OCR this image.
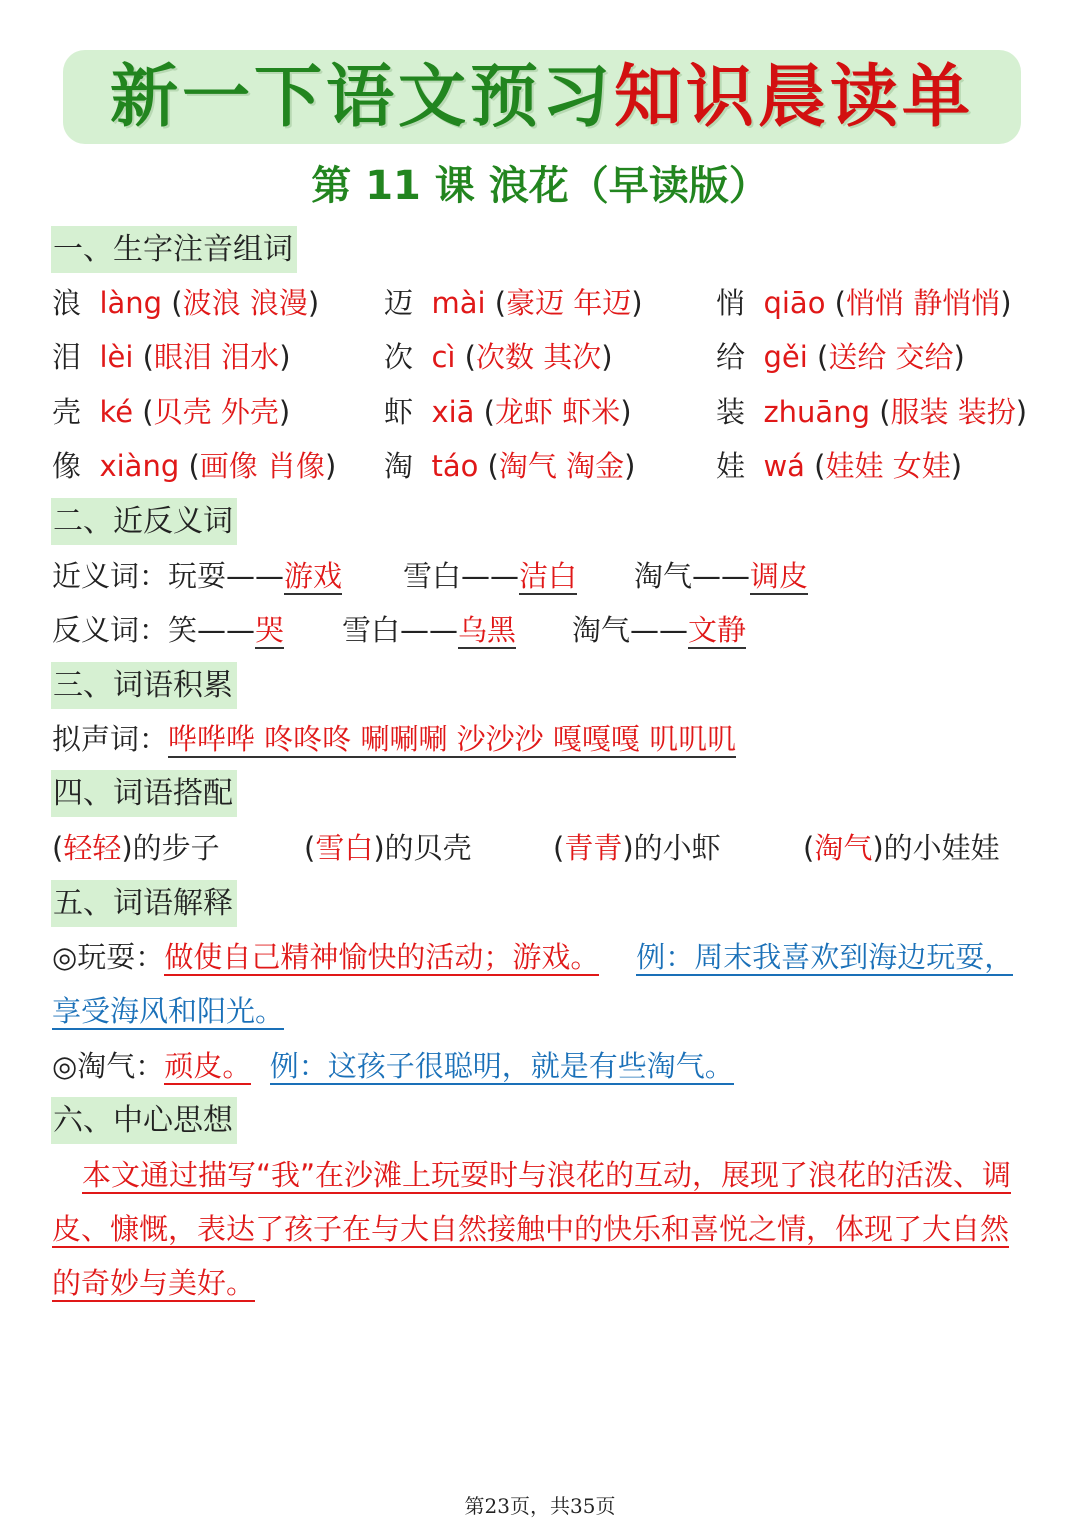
新一下语文预习知识晨读单
第 11 课 浪花（早读版）
一、生字注音组词
浪 làng (波浪 浪漫) 迈 mài (豪迈 年迈)	悄 qiāo (悄悄 静悄悄)
泪 lèi (眼泪 泪水)	次 cì (次数 其次)	给 gěi (送给 交给)
壳 ké (贝壳 外壳)	虾 xiā (龙虾 虾米)	装 zhuāng (服装 装扮)
像 xiàng (画像 肖像) 淘 táo (淘气 淘金)	娃 wá (娃娃 女娃)
二、近反义词
近义词：玩耍——游戏 雪白——洁白 淘气——调皮
反义词：笑——哭 雪白——乌黑 淘气——文静
三、词语积累
拟声词：哗哗哗 咚咚咚 唰唰唰 沙沙沙 嘎嘎嘎 叽叽叽
四、词语搭配
(轻轻)的步子	(雪白)的贝壳	(青青)的小虾	(淘气)的小娃娃
五、词语解释
◎玩耍：做使自己精神愉快的活动；游戏。 例：周末我喜欢到海边玩耍，
享受海风和阳光。
◎淘气：顽皮。 例：这孩子很聪明，就是有些淘气。
六、中心思想
本文通过描写“我”在沙滩上玩耍时与浪花的互动，展现了浪花的活泼、调皮、慷慨，表达了孩子在与大自然接触中的快乐和喜悦之情，体现了大自然的奇妙与美好。
第23页，共35页
